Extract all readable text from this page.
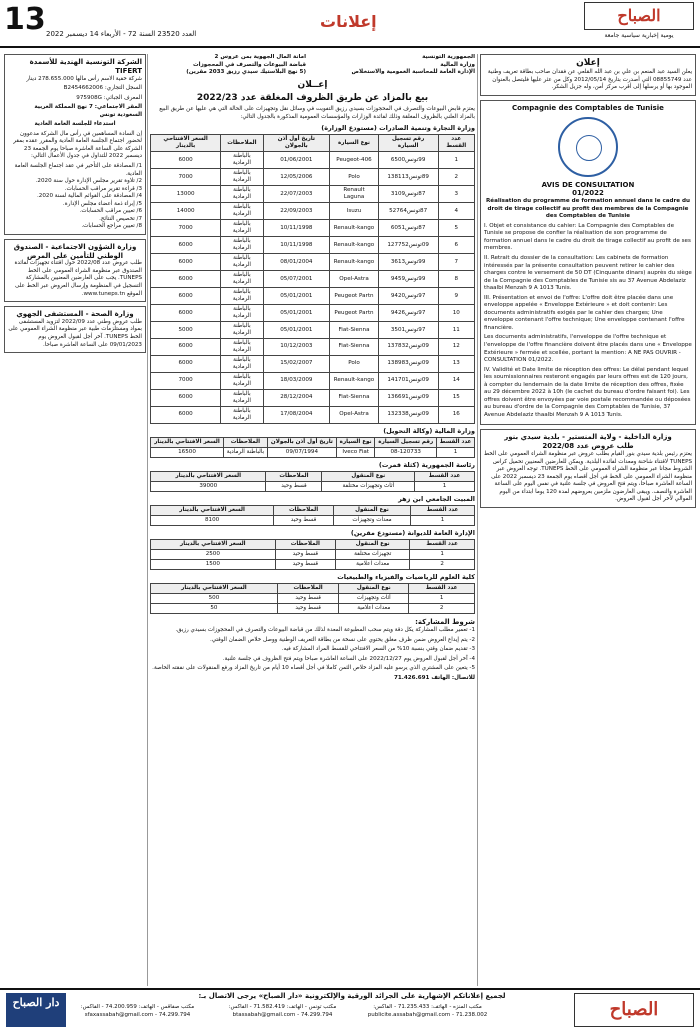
13 العدد 23520 السنة 72 - الأربعاء 14 ديسمبر 2022
إعلانات	الصباح
يومية إخبارية سياسية جامعة
الشركة التونسية الهندية للأسمدة TIFERT
شركة خفية الاسم رأس مالها 278.655.000 دينار
السجل التجاري: B2454662006
المعرف الجبائي: 975908G
المقر الاجتماعي: 7 نهج المملكة العربية السعودية تونس
استدعاء للجلسة العامة العادية
إن السادة المساهمين في رأس مال الشركة مدعوون لحضور اجتماع الجلسة العامة العادية والمقرر عقده بمقر الشركة على الساعة العاشرة صباحا يوم الجمعة 23 ديسمبر 2022 للتداول في جدول الأعمال التالي:
1/ المصادقة على التأخير في عقد اجتماع الجلسة العامة العادية.
2/ تلاوة تقرير مجلس الإدارة حول سنة 2020.
3/ قراءة تقرير مراقب الحسابات.
4/ المصادقة على القوائم المالية لسنة 2020.
5/ إبراء ذمة أعضاء مجلس الإدارة.
6/ تعيين مراقب الحسابات.
7/ تخصيص النتائج.
8/ تعيين مراجع الحسابات.
وزارة الشؤون الاجتماعية - الصندوق الوطني للتأمين على المرض
طلب عروض عدد 2022/08 حول اقتناء تجهيزات لفائدة الصندوق عبر منظومة الشراء العمومي على الخط TUNEPS. يجب على العارضين المعنيين بالمشاركة التسجيل في المنظومة وإرسال العروض عبر الخط على الموقع www.tuneps.tn.
وزارة الصحة - المستشفى الجهوي
طلب عروض وطني عدد 2022/09 لتزويد المستشفى بمواد ومستلزمات طبية عبر منظومة الشراء العمومي على الخط TUNEPS. آخر أجل لقبول العروض يوم 09/01/2023 على الساعة العاشرة صباحا.
الجمهورية التونسية
وزارة المالية
الإدارة العامة للمحاسبة العمومية والاستخلاص
أمانة المال الجهوية بمن عروس 2
قباضة البيوعات والتصرف في المحجوزات
(5 نهج البلاستيك سيدي رزيق 2033 مقرين)
إعــلان
بيع بالمزاد عن طريق الظروف المغلقة عدد 2022/23
يعتزم قابض البيوعات والتصرف في المحجوزات بسيدي رزيق التفويت في وسائل نقل وتجهيزات على الحالة التي هي عليها عن طريق البيع بالمزاد العلني بالظروف المغلقة وذلك لفائدة الوزارات والمؤسسات العمومية المذكورة بالجدول التالي:
وزارة التجارة وتنمية الصادرات (مستودع الوزارة)
عدد القسط	رقم تسجيل السيارة	نوع السيارة	تاريخ أول أذن بالجولان	الملاحظات	السعر الافتتاحي بالدينار
1	99تونس6500	Peugeot-406	01/06/2001	بالباطنة الرمادية	6000
2	89تونس138113	Polo	12/05/2006	بالباطنة الرمادية	7000
3	87تونس3109	Renault Laguna	22/07/2003	بالباطنة الرمادية	13000
4	87تونس52764	Isuzu	22/09/2003	بالباطنة الرمادية	14000
5	87تونس6051	Renault-kango	10/11/1998	بالباطنة الرمادية	7000
6	09تونس127752	Renault-kango	10/11/1998	بالباطنة الرمادية	6000
7	99تونس3613	Renault-kango	08/01/2004	بالباطنة الرمادية	6000
8	99تونس9459	Opel-Astra	05/07/2001	بالباطنة الرمادية	6000
9	97تونس9420	Peugeot Partn	05/01/2001	بالباطنة الرمادية	6000
10	97تونس9426	Peugeot Partn	05/01/2001	بالباطنة الرمادية	6000
11	97تونس3501	Fiat-Sienna	05/01/2001	بالباطنة الرمادية	5000
12	09تونس137832	Fiat-Sienna	10/12/2003	بالباطنة الرمادية	6000
13	09تونس138983	Polo	15/02/2007	بالباطنة الرمادية	6000
14	09تونس141701	Renault-kango	18/03/2009	بالباطنة الرمادية	7000
15	09تونس136691	Fiat-Sienna	28/12/2004	بالباطنة الرمادية	6000
16	09تونس132338	Opel-Astra	17/08/2004	بالباطنة الرمادية	6000
وزارة المالية (وكالة التحويل)
عدد القسط	رقم تسجيل السيارة	نوع السيارة	تاريخ أول أذن بالجولان	الملاحظات	السعر الافتتاحي بالدينار
1	08-120733	Iveco Fiat	09/07/1994	بالباطنة الرمادية	16500
رئاسة الجمهورية (كثلة قمرت)
عدد القسط	نوع المنقول	الملاحظات	السعر الافتتاحي بالدينار
1	أثاث وتجهيزات مختلفة	قسط وحيد	39000
المبيت الجامعي ابن زهر
عدد القسط	نوع المنقول	الملاحظات	السعر الافتتاحي بالدينار
1	معدات وتجهيزات	قسط وحيد	8100
الإدارة العامة للديوانة (مستودع مقرين)
عدد القسط	نوع المنقول	الملاحظات	السعر الافتتاحي بالدينار
1	تجهيزات مختلفة	قسط وحيد	2500
2	معدات اعلامية	قسط وحيد	1500
كلية العلوم للرياضيات والفيزياء والطبيعيات
عدد القسط	نوع المنقول	الملاحظات	السعر الافتتاحي بالدينار
1	أثاث وتجهيزات	قسط وحيد	500
2	معدات اعلامية	قسط وحيد	50
شروط المشاركة:
1- تعمير مطلب المشاركة يكل دقة ويتم سحب المطبوعة المعدة لذلك من قباضة البيوعات والتصرف في المحجوزات بسيدي رزيق.
2- يتم إيداع العروض ضمن ظرف مغلق يحتوي على نسخة من بطاقة التعريف الوطنية ووصل خلاص الضمان الوقتي.
3- تقديم ضمان وقتي بنسبة 10% من السعر الافتتاحي للقسط المراد المشاركة فيه.
4- آخر أجل لقبول العروض يوم 2022/12/27 على الساعة العاشرة صباحا ويتم فتح الظروف في جلسة علنية.
5- يتعين على المشتري الذي يرسو عليه المزاد خلاص الثمن كاملا في أجل أقصاه 10 أيام من تاريخ المزاد ورفع المنقولات على نفقته الخاصة.
للاتصال: الهاتف 71.426.691
إعلان
يعلن السيد عبد المنعم بن علي بن عبد الله القلعي عن فقدان صاحب بطاقة تعريف وطنية عدد 08855749 التي أصدرت بتاريخ 2012/05/14 وكل من عثر عليها فليتصل بالعنوان الموجود بها أو يرسلها إلى أقرب مركز أمن، وله جزيل الشكر.
Compagnie des Comptables de Tunisie
AVIS DE CONSULTATION
01/2022
Réalisation du programme de formation annuel dans le cadre du droit de tirage collectif au profit des membres de la Compagnie des Comptables de Tunisie
I. Objet et consistance du cahier: La Compagnie des Comptables de Tunisie se propose de confier la réalisation de son programme de formation annuel dans le cadre du droit de tirage collectif au profit de ses membres.
II. Retrait du dossier de la consultation: Les cabinets de formation intéressés par la présente consultation peuvent retirer le cahier des charges contre le versement de 50 DT (Cinquante dinars) auprès du siège de la Compagnie des Comptables de Tunisie sis au 37 Avenue Abdelaziz thaalbi Menzah 9 A 1013 Tunis.
III. Présentation et envoi de l'offre: L'offre doit être placée dans une enveloppe appelée « Enveloppe Extérieure » et doit contenir: Les documents administratifs exigés par le cahier des charges; Une enveloppe contenant l'offre technique; Une enveloppe contenant l'offre financière.
Les documents administratifs, l'enveloppe de l'offre technique et l'enveloppe de l'offre financière doivent être placés dans une « Enveloppe Extérieure » fermée et scellée, portant la mention: A NE PAS OUVRIR - CONSULTATION 01/2022.
IV. Validité et Date limite de réception des offres: Le délai pendant lequel les soumissionnaires resteront engagés par leurs offres est de 120 jours, à compter du lendemain de la date limite de réception des offres, fixée au 29 décembre 2022 à 10h (le cachet du bureau d'ordre faisant foi). Les offres doivent être envoyées par voie postale recommandée ou déposées au bureau d'ordre de la Compagnie des Comptables de Tunisie, 37 Avenue Abdelaziz thaalbi Menzah 9 A 1013 Tunis.
وزارة الداخلية - ولاية المنستير - بلدية سيدي بنور
طلب عروض عدد 2022/08
يعتزم رئيس بلدية سيدي بنور القيام بطلب عروض عبر منظومة الشراء العمومي على الخط TUNEPS لاقتناء شاحنة ومعدات لفائدة البلدية. ويمكن للعارضين المعنيين تحميل كراس الشروط مجانا عبر منظومة الشراء العمومي على الخط TUNEPS. توجه العروض عبر منظومة الشراء العمومي على الخط في أجل أقصاه يوم الجمعة 23 ديسمبر 2022 على الساعة العاشرة صباحا، ويتم فتح العروض في جلسة علنية في نفس اليوم على الساعة العاشرة والنصف. ويبقى العارضون ملزمين بعروضهم لمدة 120 يوما ابتداء من اليوم الموالي لآخر أجل لقبول العروض.
دار الصباح	لجميع إعلاناتكم الإشهارية على الجرائد الورقية والإلكترونية «دار الصباح» يرجى الاتصال بـ:
مكتب صفاقس - الهاتف: 74.200.959 - الفاكس: 74.299.794 - sfaxassabah@gmail.com
مكتب تونس - الهاتف: 71.582.419 - الفاكس: 74.299.794 - btassabah@gmail.com
مكتب المنزه - الهاتف: 71.235.433 - الفاكس: 71.238.002 - publicite.assabah@gmail.com	الصباح
